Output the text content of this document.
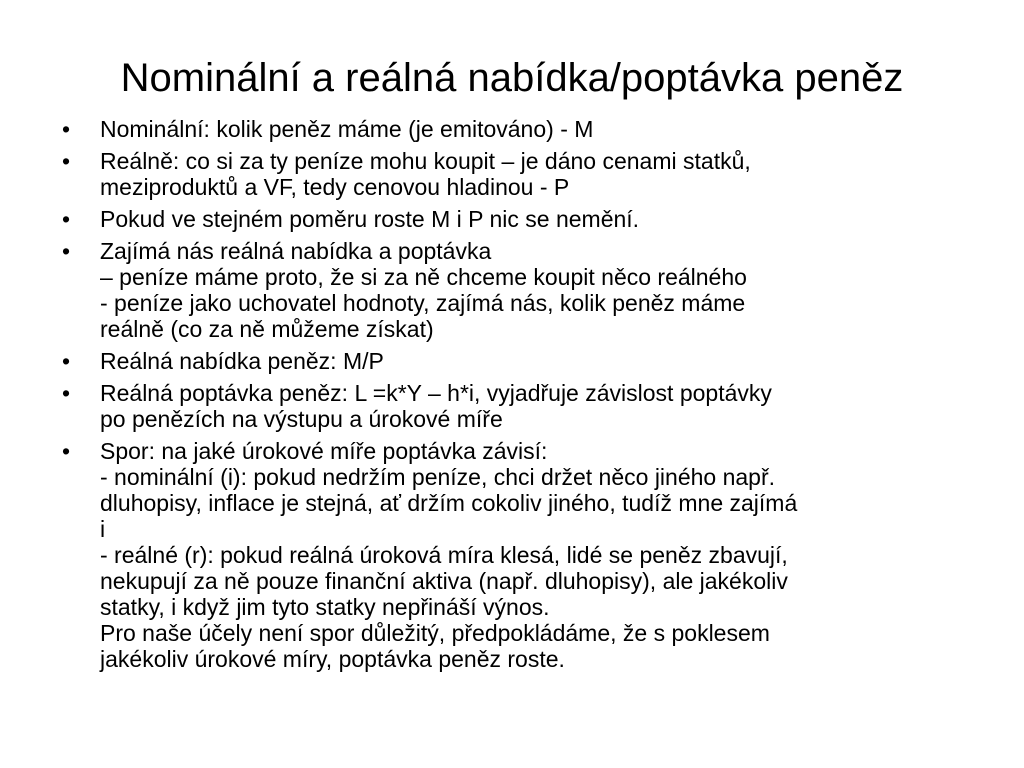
Nominální a reálná nabídka/poptávka peněz
• Nominální: kolik peněz máme (je emitováno) - M
• Reálně: co si za ty peníze mohu koupit – je dáno cenami statků,
meziproduktů a VF, tedy cenovou hladinou - P
• Pokud ve stejném poměru roste M i P nic se nemění.
• Zajímá nás reálná nabídka a poptávka
– peníze máme proto, že si za ně chceme koupit něco reálného
- peníze jako uchovatel hodnoty, zajímá nás, kolik peněz máme
reálně (co za ně můžeme získat)
• Reálná nabídka peněz: M/P
• Reálná poptávka peněz: L =k*Y – h*i, vyjadřuje závislost poptávky
po penězích na výstupu a úrokové míře
• Spor: na jaké úrokové míře poptávka závisí:
- nominální (i): pokud nedržím peníze, chci držet něco jiného např.
dluhopisy, inflace je stejná, ať držím cokoliv jiného, tudíž mne zajímá
i
- reálné (r): pokud reálná úroková míra klesá, lidé se peněz zbavují,
nekupují za ně pouze finanční aktiva (např. dluhopisy), ale jakékoliv
statky, i když jim tyto statky nepřináší výnos.
Pro naše účely není spor důležitý, předpokládáme, že s poklesem
jakékoliv úrokové míry, poptávka peněz roste.
